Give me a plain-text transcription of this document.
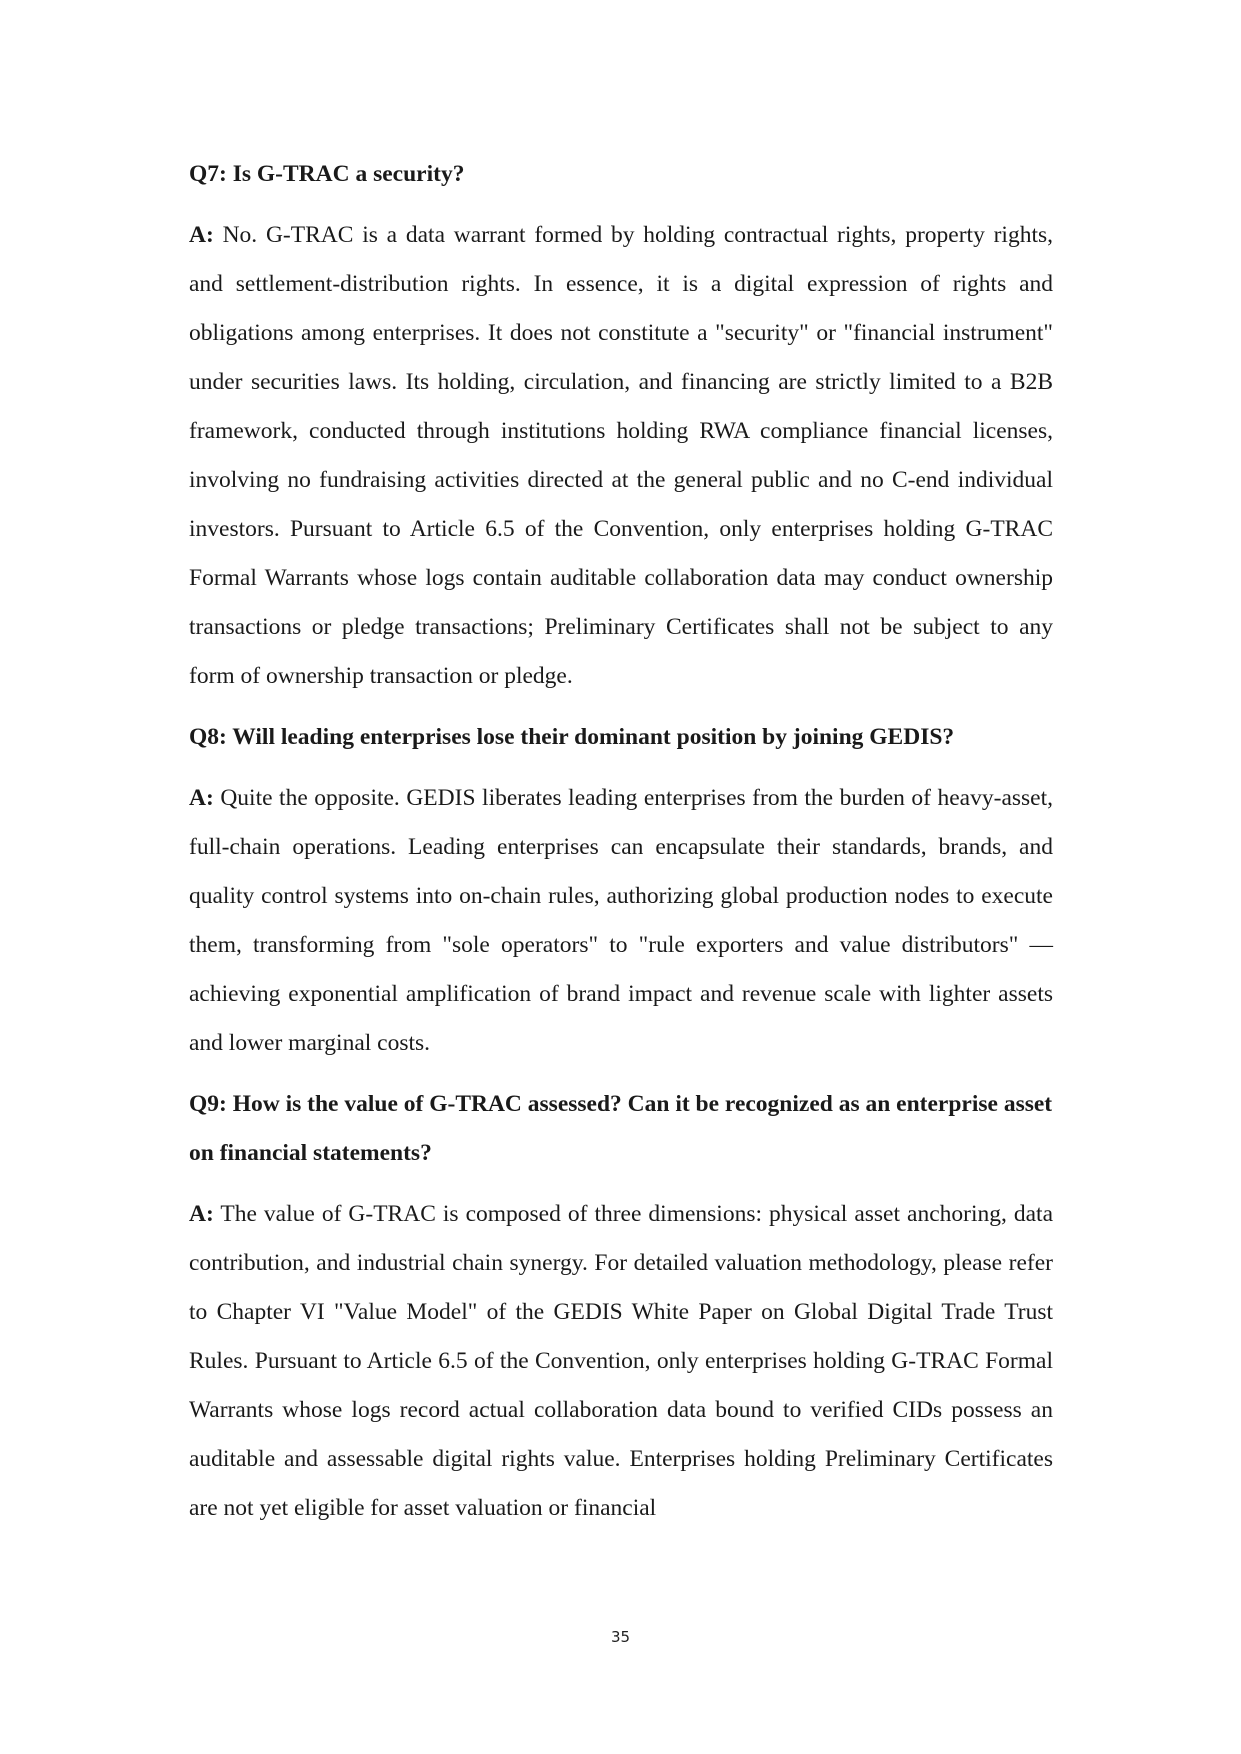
Q7: Is G-TRAC a security?

A: No. G-TRAC is a data warrant formed by holding contractual rights, property rights, and settlement-distribution rights. In essence, it is a digital expression of rights and obligations among enterprises. It does not constitute a "security" or "financial instrument" under securities laws. Its holding, circulation, and financing are strictly limited to a B2B framework, conducted through institutions holding RWA compliance financial licenses, involving no fundraising activities directed at the general public and no C-end individual investors. Pursuant to Article 6.5 of the Convention, only enterprises holding G-TRAC Formal Warrants whose logs contain auditable collaboration data may conduct ownership transactions or pledge transactions; Preliminary Certificates shall not be subject to any form of ownership transaction or pledge.

Q8: Will leading enterprises lose their dominant position by joining GEDIS?

A: Quite the opposite. GEDIS liberates leading enterprises from the burden of heavy-asset, full-chain operations. Leading enterprises can encapsulate their standards, brands, and quality control systems into on-chain rules, authorizing global production nodes to execute them, transforming from "sole operators" to "rule exporters and value distributors" — achieving exponential amplification of brand impact and revenue scale with lighter assets and lower marginal costs.

Q9: How is the value of G-TRAC assessed? Can it be recognized as an enterprise asset on financial statements?

A: The value of G-TRAC is composed of three dimensions: physical asset anchoring, data contribution, and industrial chain synergy. For detailed valuation methodology, please refer to Chapter VI "Value Model" of the GEDIS White Paper on Global Digital Trade Trust Rules. Pursuant to Article 6.5 of the Convention, only enterprises holding G-TRAC Formal Warrants whose logs record actual collaboration data bound to verified CIDs possess an auditable and assessable digital rights value. Enterprises holding Preliminary Certificates are not yet eligible for asset valuation or financial

35
